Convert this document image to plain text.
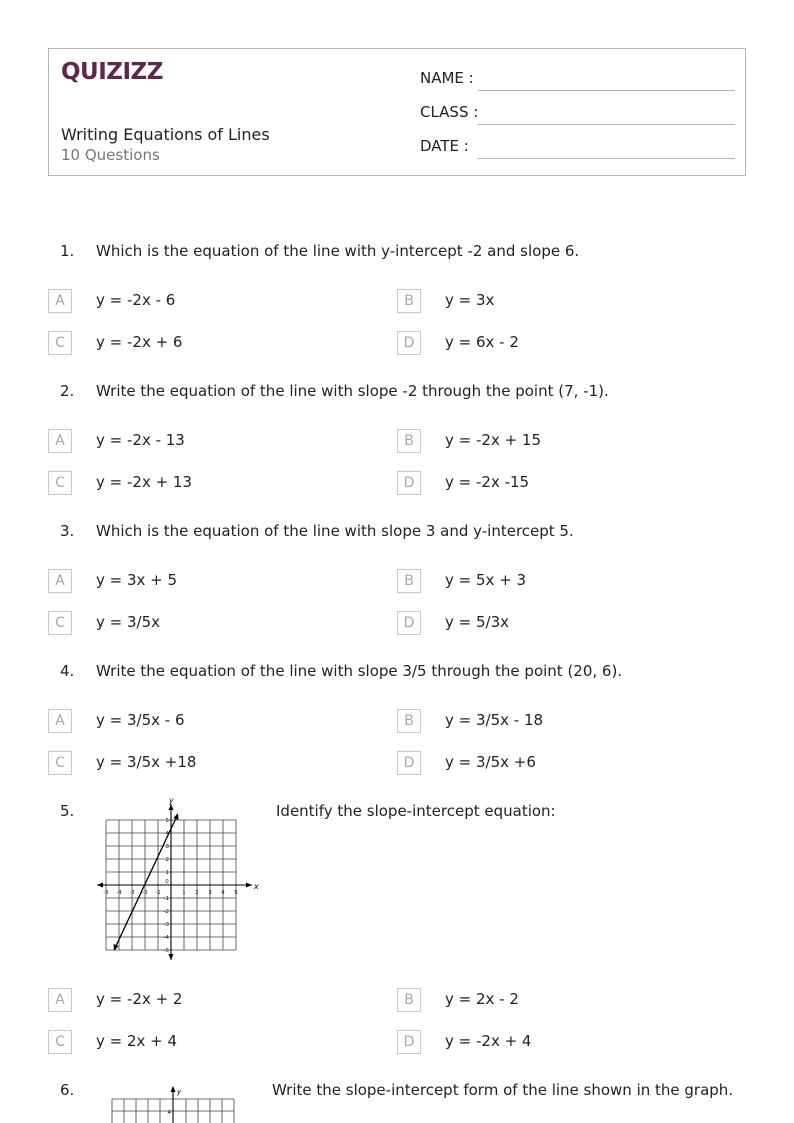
QUIZIZZ
Writing Equations of Lines
10 Questions
NAME :
CLASS :
DATE :
1. Which is the equation of the line with y-intercept -2 and slope 6.
A	y = -2x - 6	B	y = 3x
C	y = -2x + 6	D	y = 6x - 2
2. Write the equation of the line with slope -2 through the point (7, -1).
A	y = -2x - 13	B	y = -2x + 15
C	y = -2x + 13	D	y = -2x -15
3. Which is the equation of the line with slope 3 and y-intercept 5.
A	y = 3x + 5	B	y = 5x + 3
C	y = 3/5x	D	y = 5/3x
4. Write the equation of the line with slope 3/5 through the point (20, 6).
A	y = 3/5x - 6	B	y = 3/5x - 18
C	y = 3/5x +18	D	y = 3/5x +6
5.	Identify the slope-intercept equation:
x
y
-5 -4 -3 -2 -1
0
1 2 3 4 5
5
4
3
2
1
-1
-2
-3
-4
-5
A	y = -2x + 2	B	y = 2x - 2
C	y = 2x + 4	D	y = -2x + 4
6.	Write the slope-intercept form of the line shown in the graph.
y
4
